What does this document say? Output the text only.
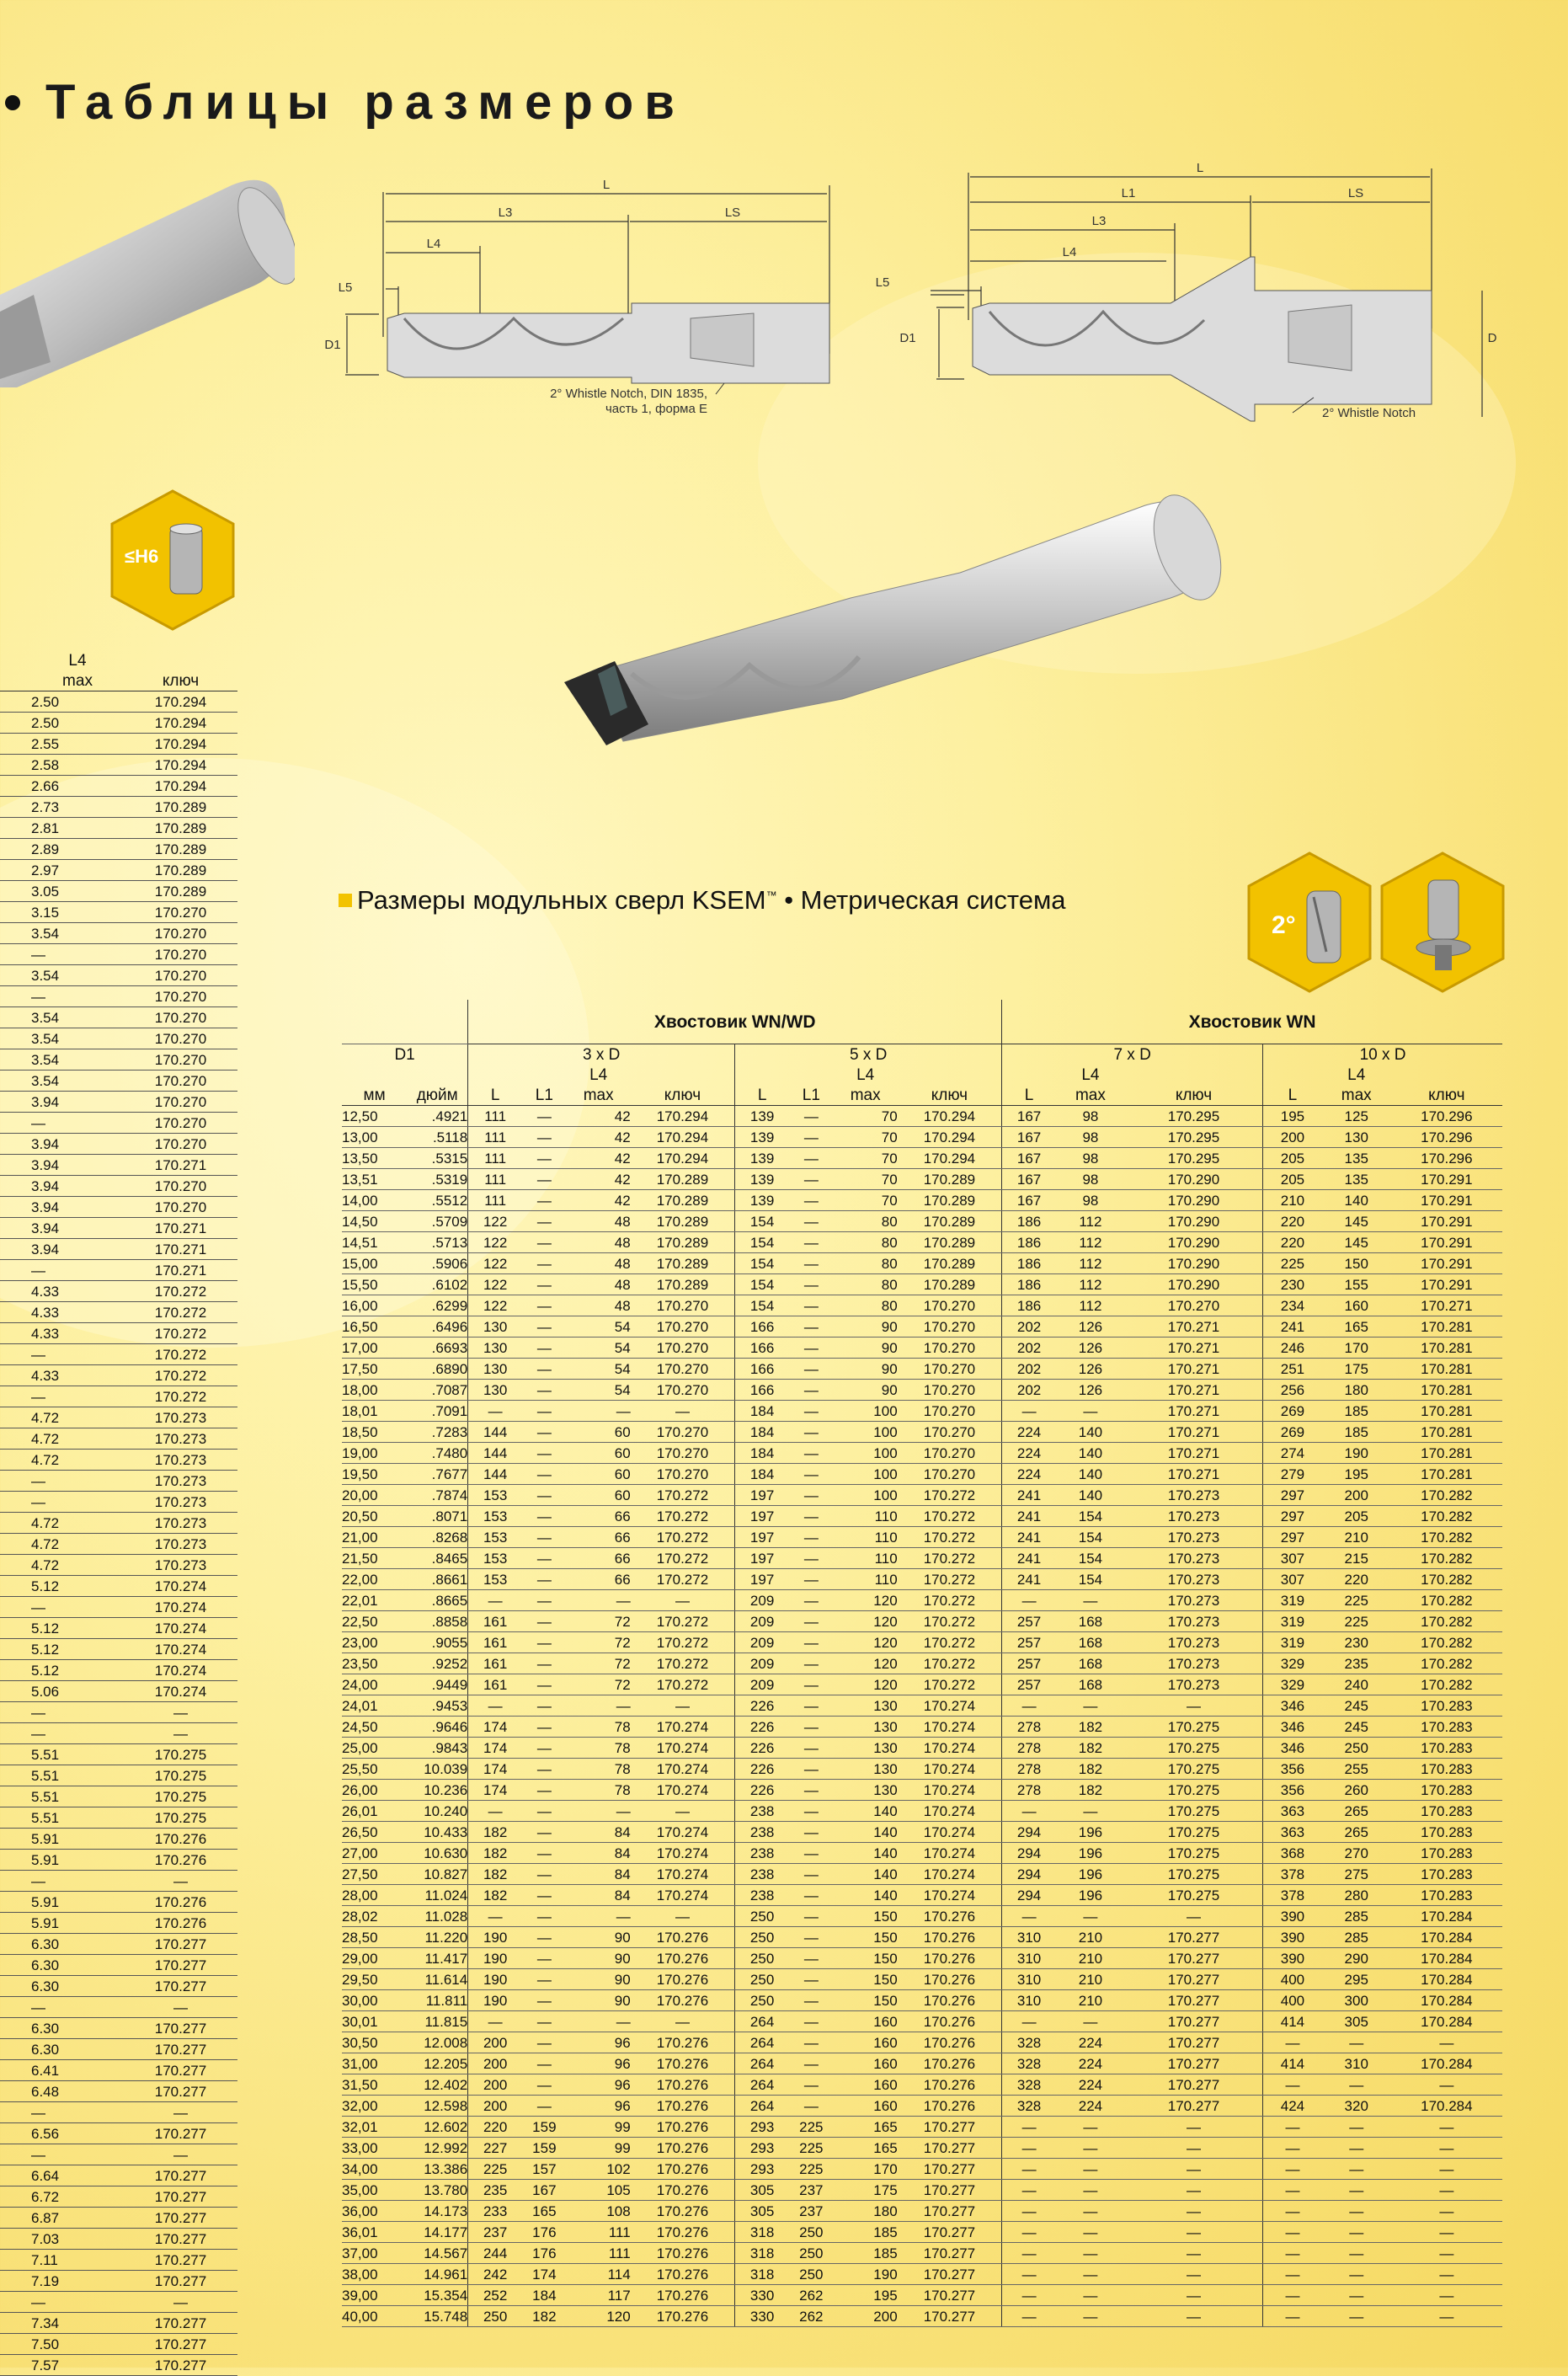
Таблицы размеров
L
L3	LS
L4
L5
D1
2° Whistle Notch, DIN 1835,
часть 1, форма E
L
L1	LS
L3
L4
L5
D1	D
2° Whistle Notch
≤H6
2°
Размеры модульных сверл KSEM™ • Метрическая система
L4	
max	ключ
2.50	170.294
2.50	170.294
2.55	170.294
2.58	170.294
2.66	170.294
2.73	170.289
2.81	170.289
2.89	170.289
2.97	170.289
3.05	170.289
3.15	170.270
3.54	170.270
—	170.270
3.54	170.270
—	170.270
3.54	170.270
3.54	170.270
3.54	170.270
3.54	170.270
3.94	170.270
—	170.270
3.94	170.270
3.94	170.271
3.94	170.270
3.94	170.270
3.94	170.271
3.94	170.271
—	170.271
4.33	170.272
4.33	170.272
4.33	170.272
—	170.272
4.33	170.272
—	170.272
4.72	170.273
4.72	170.273
4.72	170.273
—	170.273
—	170.273
4.72	170.273
4.72	170.273
4.72	170.273
5.12	170.274
—	170.274
5.12	170.274
5.12	170.274
5.12	170.274
5.06	170.274
—	—
—	—
5.51	170.275
5.51	170.275
5.51	170.275
5.51	170.275
5.91	170.276
5.91	170.276
—	—
5.91	170.276
5.91	170.276
6.30	170.277
6.30	170.277
6.30	170.277
—	—
6.30	170.277
6.30	170.277
6.41	170.277
6.48	170.277
—	—
6.56	170.277
—	—
6.64	170.277
6.72	170.277
6.87	170.277
7.03	170.277
7.11	170.277
7.19	170.277
—	—
7.34	170.277
7.50	170.277
7.57	170.277
		Хвостовик WN/WD								Хвостовик WN					
D1		3 x D				5 x D				7 x D			10 x D		
				L4				L4			L4			L4	
мм	дюйм	L	L1	max	ключ	L	L1	max	ключ	L	max	ключ	L	max	ключ
12,50	.4921	111	—	42	170.294	139	—	70	170.294	167	98	170.295	195	125	170.296
13,00	.5118	111	—	42	170.294	139	—	70	170.294	167	98	170.295	200	130	170.296
13,50	.5315	111	—	42	170.294	139	—	70	170.294	167	98	170.295	205	135	170.296
13,51	.5319	111	—	42	170.289	139	—	70	170.289	167	98	170.290	205	135	170.291
14,00	.5512	111	—	42	170.289	139	—	70	170.289	167	98	170.290	210	140	170.291
14,50	.5709	122	—	48	170.289	154	—	80	170.289	186	112	170.290	220	145	170.291
14,51	.5713	122	—	48	170.289	154	—	80	170.289	186	112	170.290	220	145	170.291
15,00	.5906	122	—	48	170.289	154	—	80	170.289	186	112	170.290	225	150	170.291
15,50	.6102	122	—	48	170.289	154	—	80	170.289	186	112	170.290	230	155	170.291
16,00	.6299	122	—	48	170.270	154	—	80	170.270	186	112	170.270	234	160	170.271
16,50	.6496	130	—	54	170.270	166	—	90	170.270	202	126	170.271	241	165	170.281
17,00	.6693	130	—	54	170.270	166	—	90	170.270	202	126	170.271	246	170	170.281
17,50	.6890	130	—	54	170.270	166	—	90	170.270	202	126	170.271	251	175	170.281
18,00	.7087	130	—	54	170.270	166	—	90	170.270	202	126	170.271	256	180	170.281
18,01	.7091	—	—	—	—	184	—	100	170.270	—	—	170.271	269	185	170.281
18,50	.7283	144	—	60	170.270	184	—	100	170.270	224	140	170.271	269	185	170.281
19,00	.7480	144	—	60	170.270	184	—	100	170.270	224	140	170.271	274	190	170.281
19,50	.7677	144	—	60	170.270	184	—	100	170.270	224	140	170.271	279	195	170.281
20,00	.7874	153	—	60	170.272	197	—	100	170.272	241	140	170.273	297	200	170.282
20,50	.8071	153	—	66	170.272	197	—	110	170.272	241	154	170.273	297	205	170.282
21,00	.8268	153	—	66	170.272	197	—	110	170.272	241	154	170.273	297	210	170.282
21,50	.8465	153	—	66	170.272	197	—	110	170.272	241	154	170.273	307	215	170.282
22,00	.8661	153	—	66	170.272	197	—	110	170.272	241	154	170.273	307	220	170.282
22,01	.8665	—	—	—	—	209	—	120	170.272	—	—	170.273	319	225	170.282
22,50	.8858	161	—	72	170.272	209	—	120	170.272	257	168	170.273	319	225	170.282
23,00	.9055	161	—	72	170.272	209	—	120	170.272	257	168	170.273	319	230	170.282
23,50	.9252	161	—	72	170.272	209	—	120	170.272	257	168	170.273	329	235	170.282
24,00	.9449	161	—	72	170.272	209	—	120	170.272	257	168	170.273	329	240	170.282
24,01	.9453	—	—	—	—	226	—	130	170.274	—	—	—	346	245	170.283
24,50	.9646	174	—	78	170.274	226	—	130	170.274	278	182	170.275	346	245	170.283
25,00	.9843	174	—	78	170.274	226	—	130	170.274	278	182	170.275	346	250	170.283
25,50	10.039	174	—	78	170.274	226	—	130	170.274	278	182	170.275	356	255	170.283
26,00	10.236	174	—	78	170.274	226	—	130	170.274	278	182	170.275	356	260	170.283
26,01	10.240	—	—	—	—	238	—	140	170.274	—	—	170.275	363	265	170.283
26,50	10.433	182	—	84	170.274	238	—	140	170.274	294	196	170.275	363	265	170.283
27,00	10.630	182	—	84	170.274	238	—	140	170.274	294	196	170.275	368	270	170.283
27,50	10.827	182	—	84	170.274	238	—	140	170.274	294	196	170.275	378	275	170.283
28,00	11.024	182	—	84	170.274	238	—	140	170.274	294	196	170.275	378	280	170.283
28,02	11.028	—	—	—	—	250	—	150	170.276	—	—	—	390	285	170.284
28,50	11.220	190	—	90	170.276	250	—	150	170.276	310	210	170.277	390	285	170.284
29,00	11.417	190	—	90	170.276	250	—	150	170.276	310	210	170.277	390	290	170.284
29,50	11.614	190	—	90	170.276	250	—	150	170.276	310	210	170.277	400	295	170.284
30,00	11.811	190	—	90	170.276	250	—	150	170.276	310	210	170.277	400	300	170.284
30,01	11.815	—	—	—	—	264	—	160	170.276	—	—	170.277	414	305	170.284
30,50	12.008	200	—	96	170.276	264	—	160	170.276	328	224	170.277	—	—	—
31,00	12.205	200	—	96	170.276	264	—	160	170.276	328	224	170.277	414	310	170.284
31,50	12.402	200	—	96	170.276	264	—	160	170.276	328	224	170.277	—	—	—
32,00	12.598	200	—	96	170.276	264	—	160	170.276	328	224	170.277	424	320	170.284
32,01	12.602	220	159	99	170.276	293	225	165	170.277	—	—	—	—	—	—
33,00	12.992	227	159	99	170.276	293	225	165	170.277	—	—	—	—	—	—
34,00	13.386	225	157	102	170.276	293	225	170	170.277	—	—	—	—	—	—
35,00	13.780	235	167	105	170.276	305	237	175	170.277	—	—	—	—	—	—
36,00	14.173	233	165	108	170.276	305	237	180	170.277	—	—	—	—	—	—
36,01	14.177	237	176	111	170.276	318	250	185	170.277	—	—	—	—	—	—
37,00	14.567	244	176	111	170.276	318	250	185	170.277	—	—	—	—	—	—
38,00	14.961	242	174	114	170.276	318	250	190	170.277	—	—	—	—	—	—
39,00	15.354	252	184	117	170.276	330	262	195	170.277	—	—	—	—	—	—
40,00	15.748	250	182	120	170.276	330	262	200	170.277	—	—	—	—	—	—
